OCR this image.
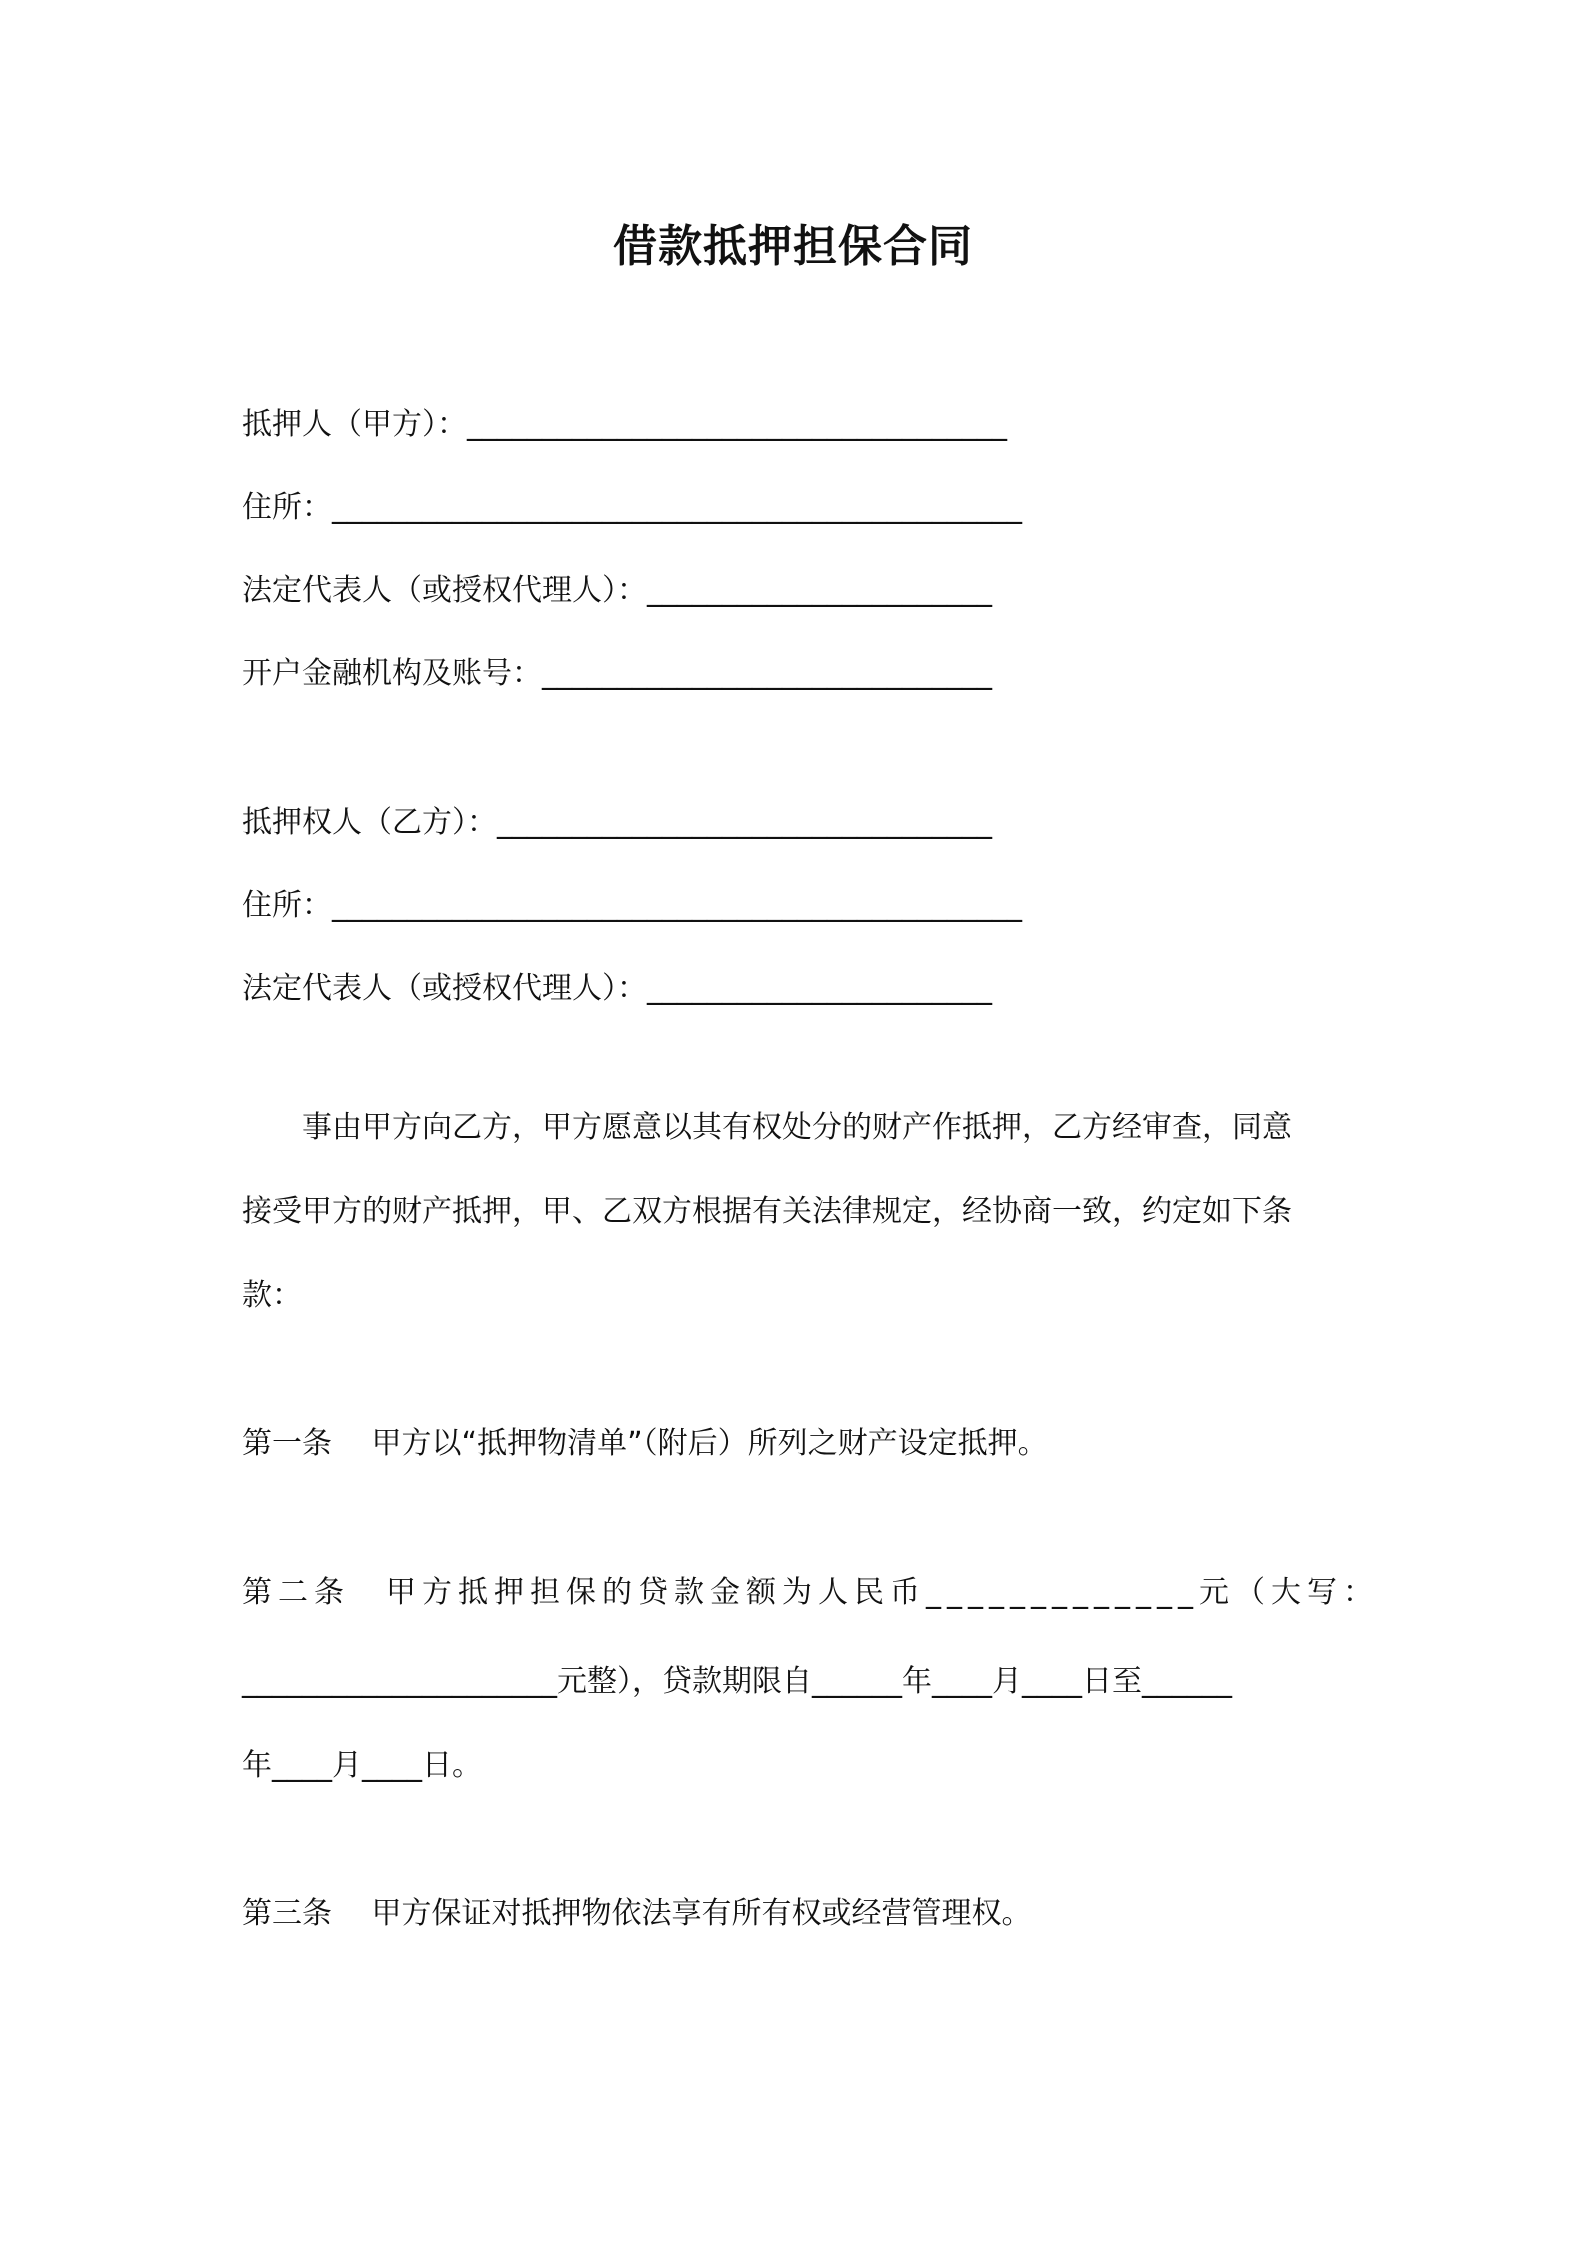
借款抵押担保合同
抵押人（甲方）：____________________________________
住所：______________________________________________
法定代表人（或授权代理人）：_______________________
开户金融机构及账号：______________________________
抵押权人（乙方）：_________________________________
住所：______________________________________________
法定代表人（或授权代理人）：_______________________
　　事由甲方向乙方，甲方愿意以其有权处分的财产作抵押，乙方经审查，同意
接受甲方的财产抵押，甲、乙双方根据有关法律规定，经协商一致，约定如下条
款：
第一条　 甲方以“抵押物清单”（附后）所列之财产设定抵押。
第二条　甲方抵押担保的贷款金额为人民币_____________元（大写：
_____________________元整），贷款期限自______年____月____日至______
年____月____日。
第三条　 甲方保证对抵押物依法享有所有权或经营管理权。
